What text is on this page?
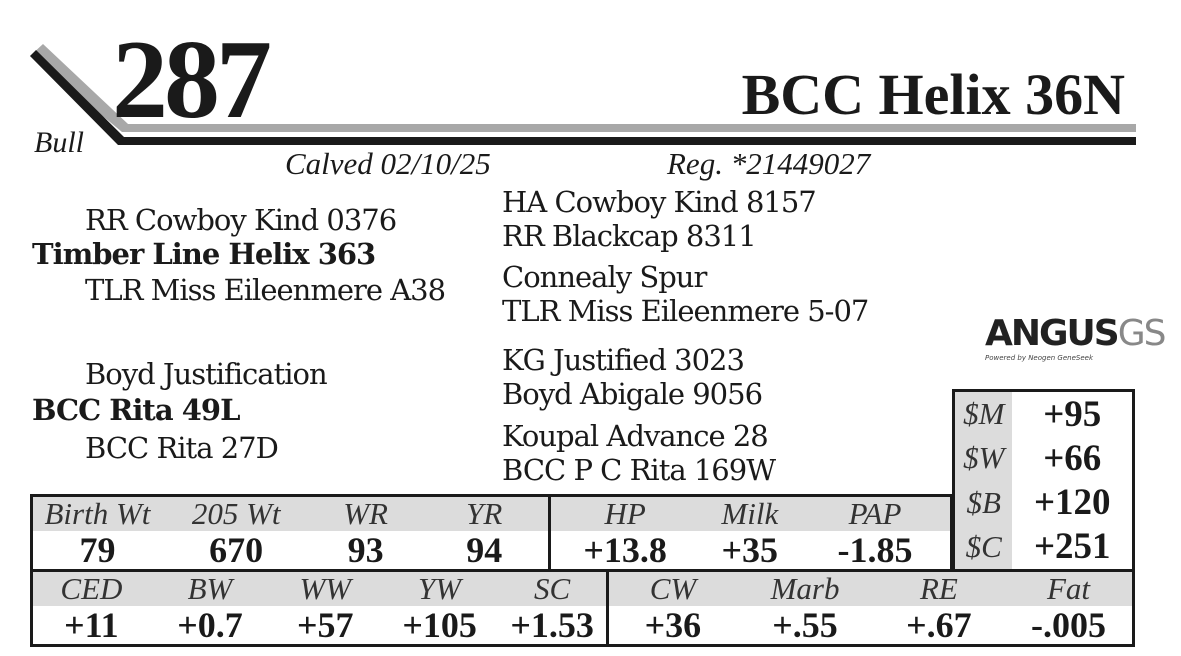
287	BCC Helix 36N
Bull
Calved 02/10/25	Reg. *21449027
RR Cowboy Kind 0376
Timber Line Helix 363
TLR Miss Eileenmere A38
Boyd Justification
BCC Rita 49L
BCC Rita 27D
HA Cowboy Kind 8157
RR Blackcap 8311
Connealy Spur
TLR Miss Eileenmere 5-07
KG Justified 3023
Boyd Abigale 9056
Koupal Advance 28
BCC P C Rita 169W
ANGUSGS
Powered by Neogen GeneSeek
$M	+95
$W	+66
$B	+120
$C	+251
Birth Wt	205 Wt	WR	YR	HP	Milk	PAP
79	670	93	94	+13.8	+35	-1.85
CED	BW	WW	YW	SC	CW	Marb	RE	Fat
+11	+0.7	+57	+105	+1.53	+36	+.55	+.67	-.005
